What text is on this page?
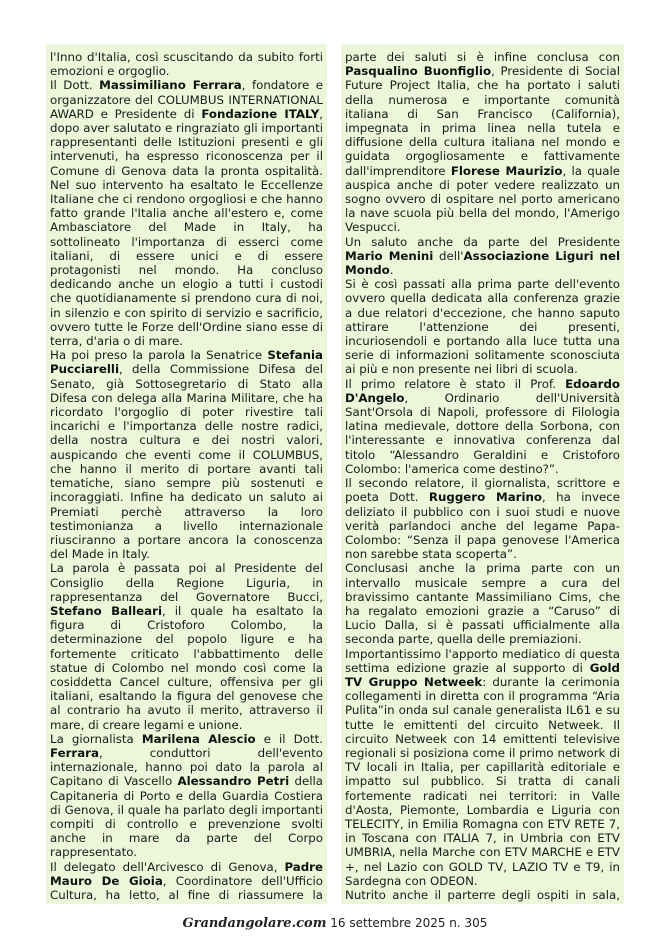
l'Inno d'Italia, così scuscitando da subito forti emozioni e orgoglio.

Il Dott. Massimiliano Ferrara, fondatore e organizzatore del COLUMBUS INTERNATIONAL AWARD e Presidente di Fondazione ITALY, dopo aver salutato e ringraziato gli importanti rappresentanti delle Istituzioni presenti e gli intervenuti, ha espresso riconoscenza per il Comune di Genova data la pronta ospitalità. Nel suo intervento ha esaltato le Eccellenze Italiane che ci rendono orgogliosi e che hanno fatto grande l'Italia anche all'estero e, come Ambasciatore del Made in Italy, ha sottolineato l'importanza di esserci come italiani, di essere unici e di essere protagonisti nel mondo. Ha concluso dedicando anche un elogio a tutti i custodi che quotidianamente si prendono cura di noi, in silenzio e con spirito di servizio e sacrificio, ovvero tutte le Forze dell'Ordine siano esse di terra, d'aria o di mare.

Ha poi preso la parola la Senatrice Stefania Pucciarelli, della Commissione Difesa del Senato, già Sottosegretario di Stato alla Difesa con delega alla Marina Militare, che ha ricordato l'orgoglio di poter rivestire tali incarichi e l'importanza delle nostre radici, della nostra cultura e dei nostri valori, auspicando che eventi come il COLUMBUS, che hanno il merito di portare avanti tali tematiche, siano sempre più sostenuti e incoraggiati. Infine ha dedicato un saluto ai Premiati perchè attraverso la loro testimonianza a livello internazionale riusciranno a portare ancora la conoscenza del Made in Italy.

La parola è passata poi al Presidente del Consiglio della Regione Liguria, in rappresentanza del Governatore Bucci, Stefano Balleari, il quale ha esaltato la figura di Cristoforo Colombo, la determinazione del popolo ligure e ha fortemente criticato l'abbattimento delle statue di Colombo nel mondo così come la cosiddetta Cancel culture, offensiva per gli italiani, esaltando la figura del genovese che al contrario ha avuto il merito, attraverso il mare, di creare legami e unione.

La giornalista Marilena Alescio e il Dott. Ferrara, conduttori dell'evento internazionale, hanno poi dato la parola al Capitano di Vascello Alessandro Petri della Capitaneria di Porto e della Guardia Costiera di Genova, il quale ha parlato degli importanti compiti di controllo e prevenzione svolti anche in mare da parte del Corpo rappresentato.

Il delegato dell'Arcivesco di Genova, Padre Mauro De Gioia, Coordinatore dell'Ufficio Cultura, ha letto, al fine di riassumere la

parte dei saluti si è infine conclusa con Pasqualino Buonfiglio, Presidente di Social Future Project Italia, che ha portato i saluti della numerosa e importante comunità italiana di San Francisco (California), impegnata in prima linea nella tutela e diffusione della cultura italiana nel mondo e guidata orgogliosamente e fattivamente dall'imprenditore Florese Maurizio, la quale auspica anche di poter vedere realizzato un sogno ovvero di ospitare nel porto americano la nave scuola più bella del mondo, l'Amerigo Vespucci.

Un saluto anche da parte del Presidente Mario Menini dell'Associazione Liguri nel Mondo.

Si è così passati alla prima parte dell'evento ovvero quella dedicata alla conferenza grazie a due relatori d'eccezione, che hanno saputo attirare l'attenzione dei presenti, incuriosendoli e portando alla luce tutta una serie di informazioni solitamente sconosciuta ai più e non presente nei libri di scuola.

Il primo relatore è stato il Prof. Edoardo D'Angelo, Ordinario dell'Università Sant'Orsola di Napoli, professore di Filologia latina medievale, dottore della Sorbona, con l'interessante e innovativa conferenza dal titolo “Alessandro Geraldini e Cristoforo Colombo: l'america come destino?”.

Il secondo relatore, il giornalista, scrittore e poeta Dott. Ruggero Marino, ha invece deliziato il pubblico con i suoi studi e nuove verità parlandoci anche del legame Papa-Colombo: “Senza il papa genovese l'America non sarebbe stata scoperta”.

Conclusasi anche la prima parte con un intervallo musicale sempre a cura del bravissimo cantante Massimiliano Cims, che ha regalato emozioni grazie a “Caruso” di Lucio Dalla, si è passati ufficialmente alla seconda parte, quella delle premiazioni.

Importantissimo l'apporto mediatico di questa settima edizione grazie al supporto di Gold TV Gruppo Netweek: durante la cerimonia collegamenti in diretta con il programma “Aria Pulita”in onda sul canale generalista IL61 e su tutte le emittenti del circuito Netweek. Il circuito Netweek con 14 emittenti televisive regionali si posiziona come il primo network di TV locali in Italia, per capillarità editoriale e impatto sul pubblico. Si tratta di canali fortemente radicati nei territori: in Valle d'Aosta, Piemonte, Lombardia e Liguria con TELECITY, in Emilia Romagna con ETV RETE 7, in Toscana con ITALIA 7, in Umbria con ETV UMBRIA, nella Marche con ETV MARCHE e ETV +, nel Lazio con GOLD TV, LAZIO TV e T9, in Sardegna con ODEON.

Nutrito anche il parterre degli ospiti in sala,

Grandangolare.com 16 settembre 2025 n. 305
